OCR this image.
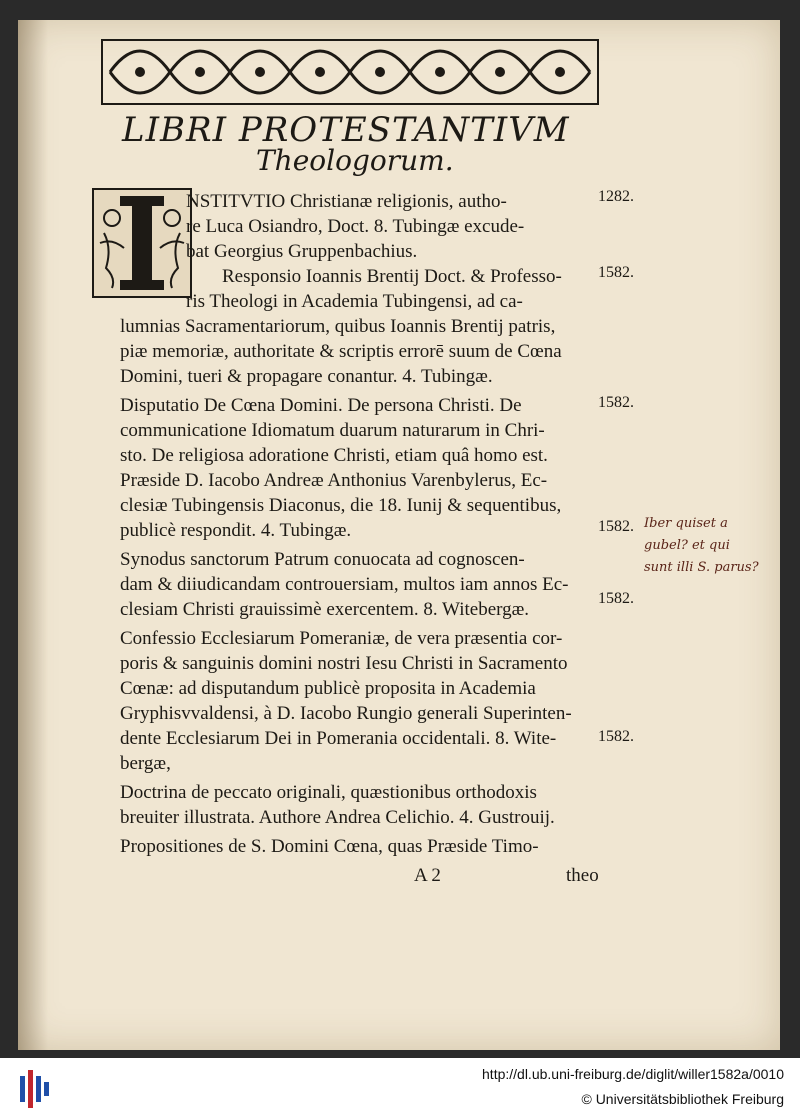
LIBRI PROTESTANTIVM
Theologorum.
NSTITVTIO Christianæ religionis, autho-
re Luca Osiandro, Doct. 8. Tubingæ excude-
bat Georgius Gruppenbachius.
Responsio Ioannis Brentij Doct. & Professo-
ris Theologi in Academia Tubingensi, ad ca-
lumnias Sacramentariorum, quibus Ioannis Brentij patris,
piæ memoriæ, authoritate & scriptis errorē suum de Cœna
Domini, tueri & propagare conantur. 4. Tubingæ.
Disputatio De Cœna Domini. De persona Christi. De
communicatione Idiomatum duarum naturarum in Chri-
sto. De religiosa adoratione Christi, etiam quâ homo est.
Præside D. Iacobo Andreæ Anthonius Varenbylerus, Ec-
clesiæ Tubingensis Diaconus, die 18. Iunij & sequentibus,
publicè respondit. 4. Tubingæ.
Synodus sanctorum Patrum conuocata ad cognoscen-
dam & diiudicandam controuersiam, multos iam annos Ec-
clesiam Christi grauissimè exercentem. 8. Witebergæ.
Confessio Ecclesiarum Pomeraniæ, de vera præsentia cor-
poris & sanguinis domini nostri Iesu Christi in Sacramento
Cœnæ: ad disputandum publicè proposita in Academia
Gryphisvvaldensi, à D. Iacobo Rungio generali Superinten-
dente Ecclesiarum Dei in Pomerania occidentali. 8. Wite-
bergæ,
Doctrina de peccato originali, quæstionibus orthodoxis
breuiter illustrata. Authore Andrea Celichio. 4. Gustrouij.
Propositiones de S. Domini Cœna, quas Præside Timo-
A 2	theo
1282.
1582.
1582.
1582.
1582.
1582.
Iber quiset a
gubel? et qui
sunt illi S. parus?
http://dl.ub.uni-freiburg.de/diglit/willer1582a/0010
© Universitätsbibliothek Freiburg
